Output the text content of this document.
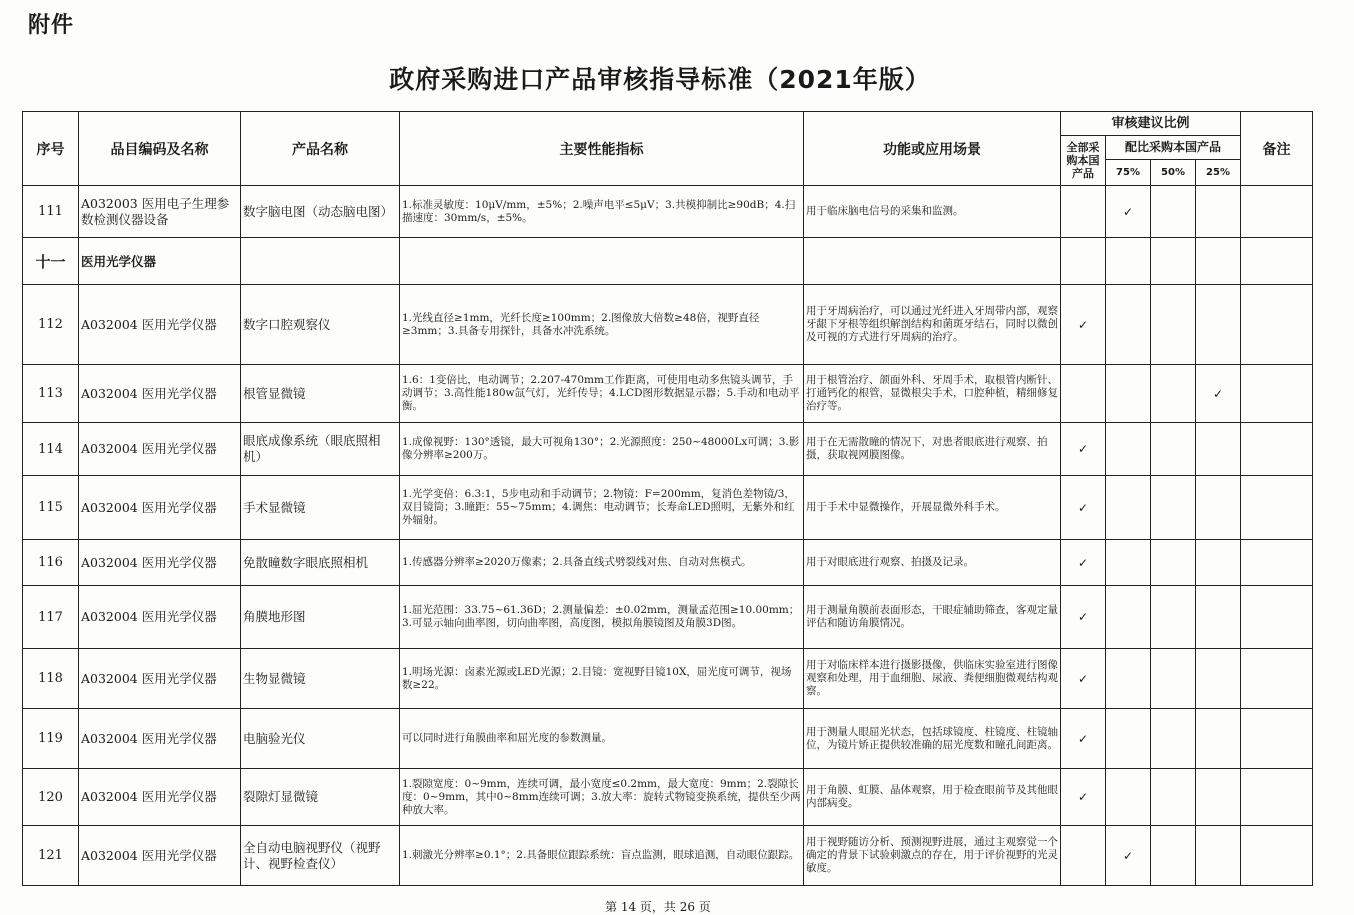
附件
政府采购进口产品审核指导标准（2021年版）
序号	品目编码及名称	产品名称	主要性能指标	功能或应用场景	审核建议比例				备注
					全部采购本国产品	配比采购本国产品			
						75%	50%	25%	
111	A032003 医用电子生理参数检测仪器设备	数字脑电图（动态脑电图）	1.标准灵敏度：10μV/mm，±5%；2.噪声电平≤5μV；3.共模抑制比≥90dB；4.扫描速度：30mm/s，±5%。	用于临床脑电信号的采集和监测。		✓			
十一	医用光学仪器								
112	A032004 医用光学仪器	数字口腔观察仪	1.光线直径≥1mm，光纤长度≥100mm；2.图像放大倍数≥48倍，视野直径≥3mm；3.具备专用探针，具备水冲洗系统。	用于牙周病治疗，可以通过光纤进入牙周带内部，观察牙龈下牙根等组织解剖结构和菌斑牙结石，同时以微创及可视的方式进行牙周病的治疗。	✓				
113	A032004 医用光学仪器	根管显微镜	1.6：1变倍比，电动调节；2.207-470mm工作距离，可使用电动多焦镜头调节，手动调节；3.高性能180w氙气灯，光纤传导；4.LCD图形数据显示器；5.手动和电动平衡。	用于根管治疗、颌面外科、牙周手术，取根管内断针、打通钙化的根管，显微根尖手术，口腔种植，精细修复治疗等。				✓	
114	A032004 医用光学仪器	眼底成像系统（眼底照相机）	1.成像视野：130°透镜，最大可视角130°；2.光源照度：250~48000Lx可调；3.影像分辨率≥200万。	用于在无需散瞳的情况下，对患者眼底进行观察、拍摄，获取视网膜图像。	✓				
115	A032004 医用光学仪器	手术显微镜	1.光学变倍：6.3:1，5步电动和手动调节；2.物镜：F=200mm，复消色差物镜/3，双目镜筒；3.瞳距：55~75mm；4.调焦：电动调节；长寿命LED照明，无紫外和红外辐射。	用于手术中显微操作，开展显微外科手术。	✓				
116	A032004 医用光学仪器	免散瞳数字眼底照相机	1.传感器分辨率≥2020万像素；2.具备直线式劈裂线对焦、自动对焦模式。	用于对眼底进行观察、拍摄及记录。	✓				
117	A032004 医用光学仪器	角膜地形图	1.屈光范围：33.75~61.36D；2.测量偏差：±0.02mm，测量孟范围≥10.00mm；3.可显示轴向曲率图，切向曲率图，高度图，模拟角膜镜图及角膜3D图。	用于测量角膜前表面形态，干眼症辅助筛查，客观定量评估和随访角膜情况。	✓				
118	A032004 医用光学仪器	生物显微镜	1.明场光源：卤素光源或LED光源；2.目镜：宽视野目镜10X，屈光度可调节，视场数≥22。	用于对临床样本进行摄影摄像，供临床实验室进行图像观察和处理，用于血细胞、尿液、粪便细胞微观结构观察。	✓				
119	A032004 医用光学仪器	电脑验光仪	可以同时进行角膜曲率和屈光度的参数测量。	用于测量人眼屈光状态，包括球镜度、柱镜度、柱镜轴位，为镜片矫正提供较准确的屈光度数和瞳孔间距离。	✓				
120	A032004 医用光学仪器	裂隙灯显微镜	1.裂隙宽度：0~9mm，连续可调，最小宽度≤0.2mm，最大宽度：9mm；2.裂隙长度：0~9mm，其中0~8mm连续可调；3.放大率：旋转式物镜变换系统，提供至少两种放大率。	用于角膜、虹膜、晶体观察，用于检查眼前节及其他眼内部病变。	✓				
121	A032004 医用光学仪器	全自动电脑视野仪（视野计、视野检查仪）	1.刺激光分辨率≥0.1°；2.具备眼位跟踪系统：盲点监测，眼球追测，自动眼位跟踪。	用于视野随访分析、预测视野进展，通过主观察觉一个确定的背景下试验刺激点的存在，用于评价视野的光灵敏度。		✓			
第 14 页，共 26 页
